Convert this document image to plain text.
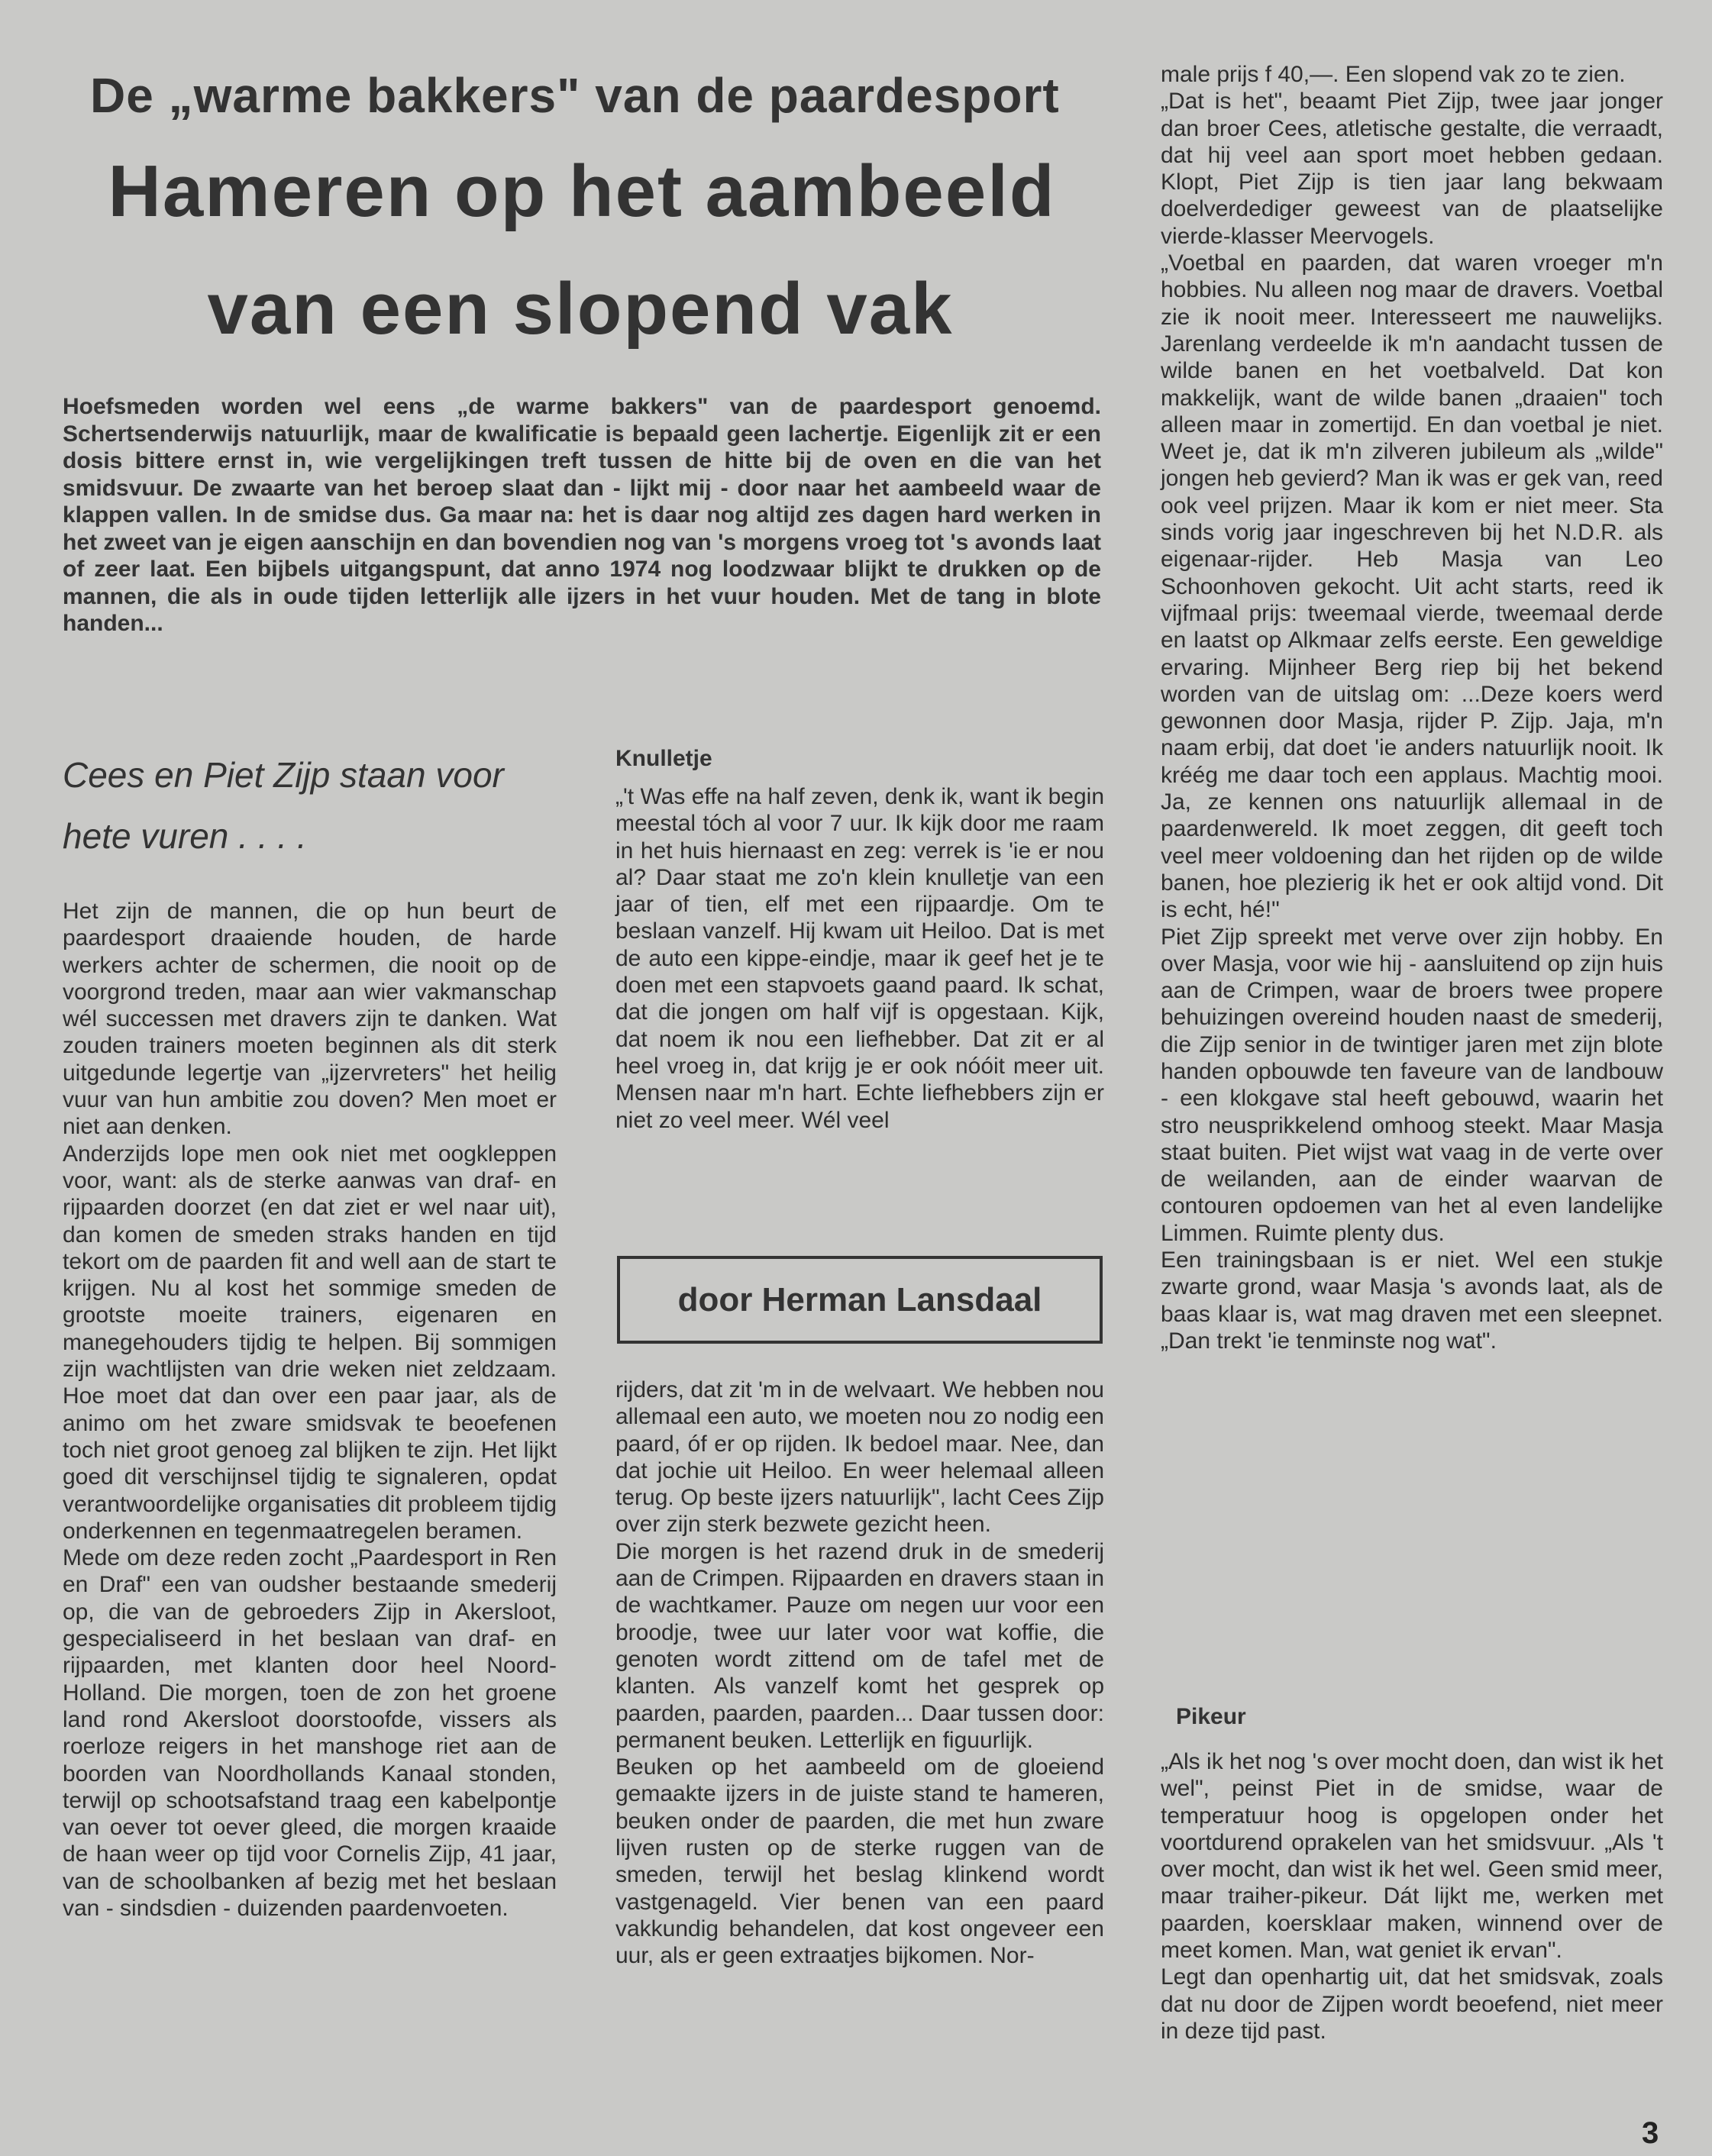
De „warme bakkers" van de paardesport
Hameren op het aambeeld
van een slopend vak
Hoefsmeden worden wel eens „de warme bakkers" van de paardesport genoemd. Schertsenderwijs natuurlijk, maar de kwalificatie is bepaald geen lachertje. Eigenlijk zit er een dosis bittere ernst in, wie vergelijkingen treft tussen de hitte bij de oven en die van het smidsvuur. De zwaarte van het beroep slaat dan - lijkt mij - door naar het aambeeld waar de klappen vallen. In de smidse dus. Ga maar na: het is daar nog altijd zes dagen hard werken in het zweet van je eigen aanschijn en dan bovendien nog van 's morgens vroeg tot 's avonds laat of zeer laat. Een bijbels uitgangspunt, dat anno 1974 nog loodzwaar blijkt te drukken op de mannen, die als in oude tijden letterlijk alle ijzers in het vuur houden. Met de tang in blote handen...
Cees en Piet Zijp staan voor hete vuren . . . .

Het zijn de mannen, die op hun beurt de paardesport draaiende houden, de harde werkers achter de schermen, die nooit op de voorgrond treden, maar aan wier vakmanschap wél successen met dravers zijn te danken. Wat zouden trainers moeten beginnen als dit sterk uitgedunde legertje van „ijzervreters" het heilig vuur van hun ambitie zou doven? Men moet er niet aan denken.

Anderzijds lope men ook niet met oogkleppen voor, want: als de sterke aanwas van draf- en rijpaarden doorzet (en dat ziet er wel naar uit), dan komen de smeden straks handen en tijd tekort om de paarden fit and well aan de start te krijgen. Nu al kost het sommige smeden de grootste moeite trainers, eigenaren en manegehouders tijdig te helpen. Bij sommigen zijn wachtlijsten van drie weken niet zeldzaam. Hoe moet dat dan over een paar jaar, als de animo om het zware smidsvak te beoefenen toch niet groot genoeg zal blijken te zijn. Het lijkt goed dit verschijnsel tijdig te signaleren, opdat verantwoordelijke organisaties dit probleem tijdig onderkennen en tegenmaatregelen beramen.

Mede om deze reden zocht „Paardesport in Ren en Draf" een van oudsher bestaande smederij op, die van de gebroeders Zijp in Akersloot, gespecialiseerd in het beslaan van draf- en rijpaarden, met klanten door heel Noord-Holland. Die morgen, toen de zon het groene land rond Akersloot doorstoofde, vissers als roerloze reigers in het manshoge riet aan de boorden van Noordhollands Kanaal stonden, terwijl op schootsafstand traag een kabelpontje van oever tot oever gleed, die morgen kraaide de haan weer op tijd voor Cornelis Zijp, 41 jaar, van de schoolbanken af bezig met het beslaan van - sindsdien - duizenden paardenvoeten.

Knulletje

„'t Was effe na half zeven, denk ik, want ik begin meestal tóch al voor 7 uur. Ik kijk door me raam in het huis hiernaast en zeg: verrek is 'ie er nou al? Daar staat me zo'n klein knulletje van een jaar of tien, elf met een rijpaardje. Om te beslaan vanzelf. Hij kwam uit Heiloo. Dat is met de auto een kippe-eindje, maar ik geef het je te doen met een stapvoets gaand paard. Ik schat, dat die jongen om half vijf is opgestaan. Kijk, dat noem ik nou een liefhebber. Dat zit er al heel vroeg in, dat krijg je er ook nóóit meer uit. Mensen naar m'n hart. Echte liefhebbers zijn er niet zo veel meer. Wél veel

door Herman Lansdaal

rijders, dat zit 'm in de welvaart. We hebben nou allemaal een auto, we moeten nou zo nodig een paard, óf er op rijden. Ik bedoel maar. Nee, dan dat jochie uit Heiloo. En weer helemaal alleen terug. Op beste ijzers natuurlijk", lacht Cees Zijp over zijn sterk bezwete gezicht heen.

Die morgen is het razend druk in de smederij aan de Crimpen. Rijpaarden en dravers staan in de wachtkamer. Pauze om negen uur voor een broodje, twee uur later voor wat koffie, die genoten wordt zittend om de tafel met de klanten. Als vanzelf komt het gesprek op paarden, paarden, paarden... Daar tussen door: permanent beuken. Letterlijk en figuurlijk.

Beuken op het aambeeld om de gloeiend gemaakte ijzers in de juiste stand te hameren, beuken onder de paarden, die met hun zware lijven rusten op de sterke ruggen van de smeden, terwijl het beslag klinkend wordt vastgenageld. Vier benen van een paard vakkundig behandelen, dat kost ongeveer een uur, als er geen extraatjes bijkomen. Nor-

male prijs f 40,—. Een slopend vak zo te zien.

„Dat is het", beaamt Piet Zijp, twee jaar jonger dan broer Cees, atletische gestalte, die verraadt, dat hij veel aan sport moet hebben gedaan. Klopt, Piet Zijp is tien jaar lang bekwaam doelverdediger geweest van de plaatselijke vierde-klasser Meervogels.

„Voetbal en paarden, dat waren vroeger m'n hobbies. Nu alleen nog maar de dravers. Voetbal zie ik nooit meer. Interesseert me nauwelijks. Jarenlang verdeelde ik m'n aandacht tussen de wilde banen en het voetbalveld. Dat kon makkelijk, want de wilde banen „draaien" toch alleen maar in zomertijd. En dan voetbal je niet. Weet je, dat ik m'n zilveren jubileum als „wilde" jongen heb gevierd? Man ik was er gek van, reed ook veel prijzen. Maar ik kom er niet meer. Sta sinds vorig jaar ingeschreven bij het N.D.R. als eigenaar-rijder. Heb Masja van Leo Schoonhoven gekocht. Uit acht starts, reed ik vijfmaal prijs: tweemaal vierde, tweemaal derde en laatst op Alkmaar zelfs eerste. Een geweldige ervaring. Mijnheer Berg riep bij het bekend worden van de uitslag om: ...Deze koers werd gewonnen door Masja, rijder P. Zijp. Jaja, m'n naam erbij, dat doet 'ie anders natuurlijk nooit. Ik kréég me daar toch een applaus. Machtig mooi. Ja, ze kennen ons natuurlijk allemaal in de paardenwereld. Ik moet zeggen, dit geeft toch veel meer voldoening dan het rijden op de wilde banen, hoe plezierig ik het er ook altijd vond. Dit is echt, hé!"

Piet Zijp spreekt met verve over zijn hobby. En over Masja, voor wie hij - aansluitend op zijn huis aan de Crimpen, waar de broers twee propere behuizingen overeind houden naast de smederij, die Zijp senior in de twintiger jaren met zijn blote handen opbouwde ten faveure van de landbouw - een klokgave stal heeft gebouwd, waarin het stro neusprikkelend omhoog steekt. Maar Masja staat buiten. Piet wijst wat vaag in de verte over de weilanden, aan de einder waarvan de contouren opdoemen van het al even landelijke Limmen. Ruimte plenty dus.

Een trainingsbaan is er niet. Wel een stukje zwarte grond, waar Masja 's avonds laat, als de baas klaar is, wat mag draven met een sleepnet. „Dan trekt 'ie tenminste nog wat".

Pikeur

„Als ik het nog 's over mocht doen, dan wist ik het wel", peinst Piet in de smidse, waar de temperatuur hoog is opgelopen onder het voortdurend oprakelen van het smidsvuur. „Als 't over mocht, dan wist ik het wel. Geen smid meer, maar traiher-pikeur. Dát lijkt me, werken met paarden, koersklaar maken, winnend over de meet komen. Man, wat geniet ik ervan".

Legt dan openhartig uit, dat het smidsvak, zoals dat nu door de Zijpen wordt beoefend, niet meer in deze tijd past.

3
